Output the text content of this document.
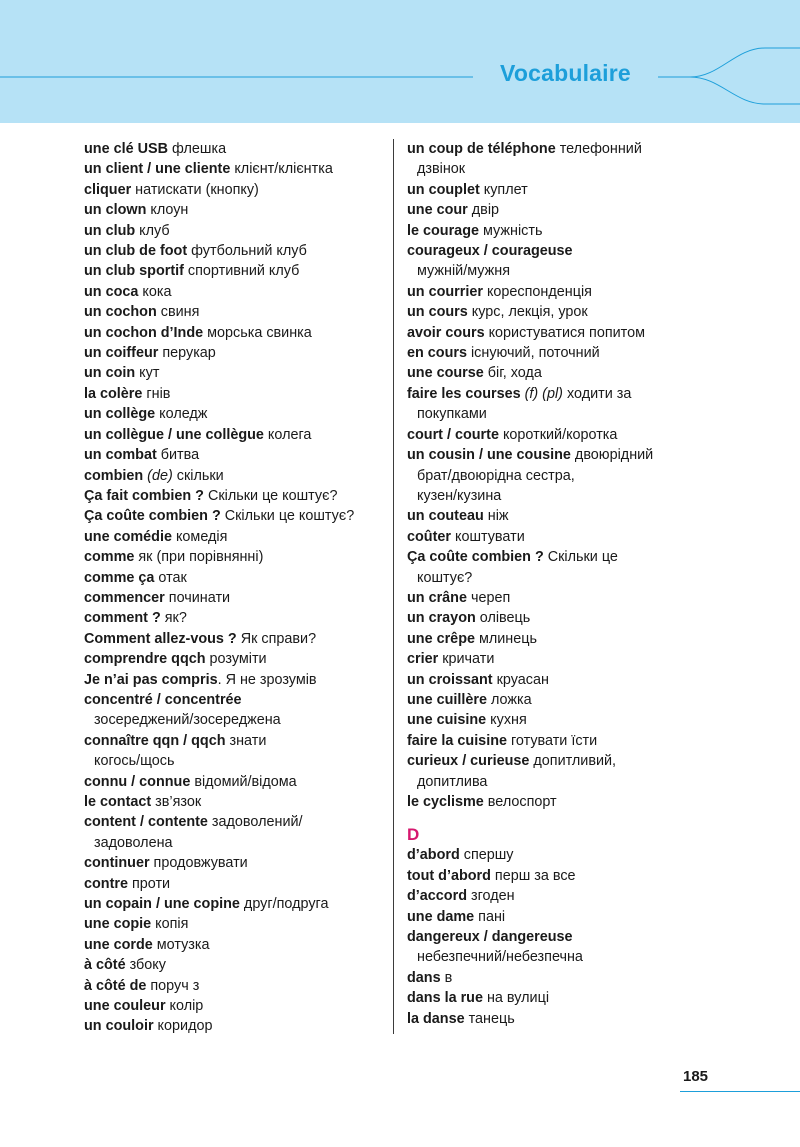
Vocabulaire
une clé USB флешка
un client / une cliente клієнт/клієнтка
cliquer натискати (кнопку)
un clown клоун
un club клуб
un club de foot футбольний клуб
un club sportif спортивний клуб
un coca кока
un cochon свиня
un cochon d’Inde морська свинка
un coiffeur перукар
un coin кут
la colère гнів
un collège коледж
un collègue / une collègue колега
un combat битва
combien (de) скільки
Ça fait combien ? Скільки це коштує?
Ça coûte combien ? Скільки це коштує?
une comédie комедія
comme як (при порівнянні)
comme ça отак
commencer починати
comment ? як?
Comment allez-vous ? Як справи?
comprendre qqch розуміти
Je n’ai pas compris. Я не зрозумів
concentré / concentrée
зосереджений/зосереджена
connaître qqn / qqch знати
когось/щось
connu / connue відомий/відома
le contact зв’язок
content / contente задоволений/
задоволена
continuer продовжувати
contre проти
un copain / une copine друг/подруга
une copie копія
une corde мотузка
à côté збоку
à côté de поруч з
une couleur колір
un couloir коридор
un coup de téléphone телефонний
дзвінок
un couplet куплет
une cour двір
le courage мужність
courageux / courageuse
мужній/мужня
un courrier кореспонденція
un cours курс, лекція, урок
avoir cours користуватися попитом
en cours існуючий, поточний
une course біг, хода
faire les courses (f) (pl) ходити за
покупками
court / courte короткий/коротка
un cousin / une cousine двоюрідний
брат/двоюрідна сестра,
кузен/кузина
un couteau ніж
coûter коштувати
Ça coûte combien ? Скільки це
коштує?
un crâne череп
un crayon олівець
une crêpe млинець
crier кричати
un croissant круасан
une cuillère ложка
une cuisine кухня
faire la cuisine готувати їсти
curieux / curieuse допитливий,
допитлива
le cyclisme велоспорт
D
d’abord спершу
tout d’abord перш за все
d’accord згоден
une dame пані
dangereux / dangereuse
небезпечний/небезпечна
dans в
dans la rue на вулиці
la danse танець
185
